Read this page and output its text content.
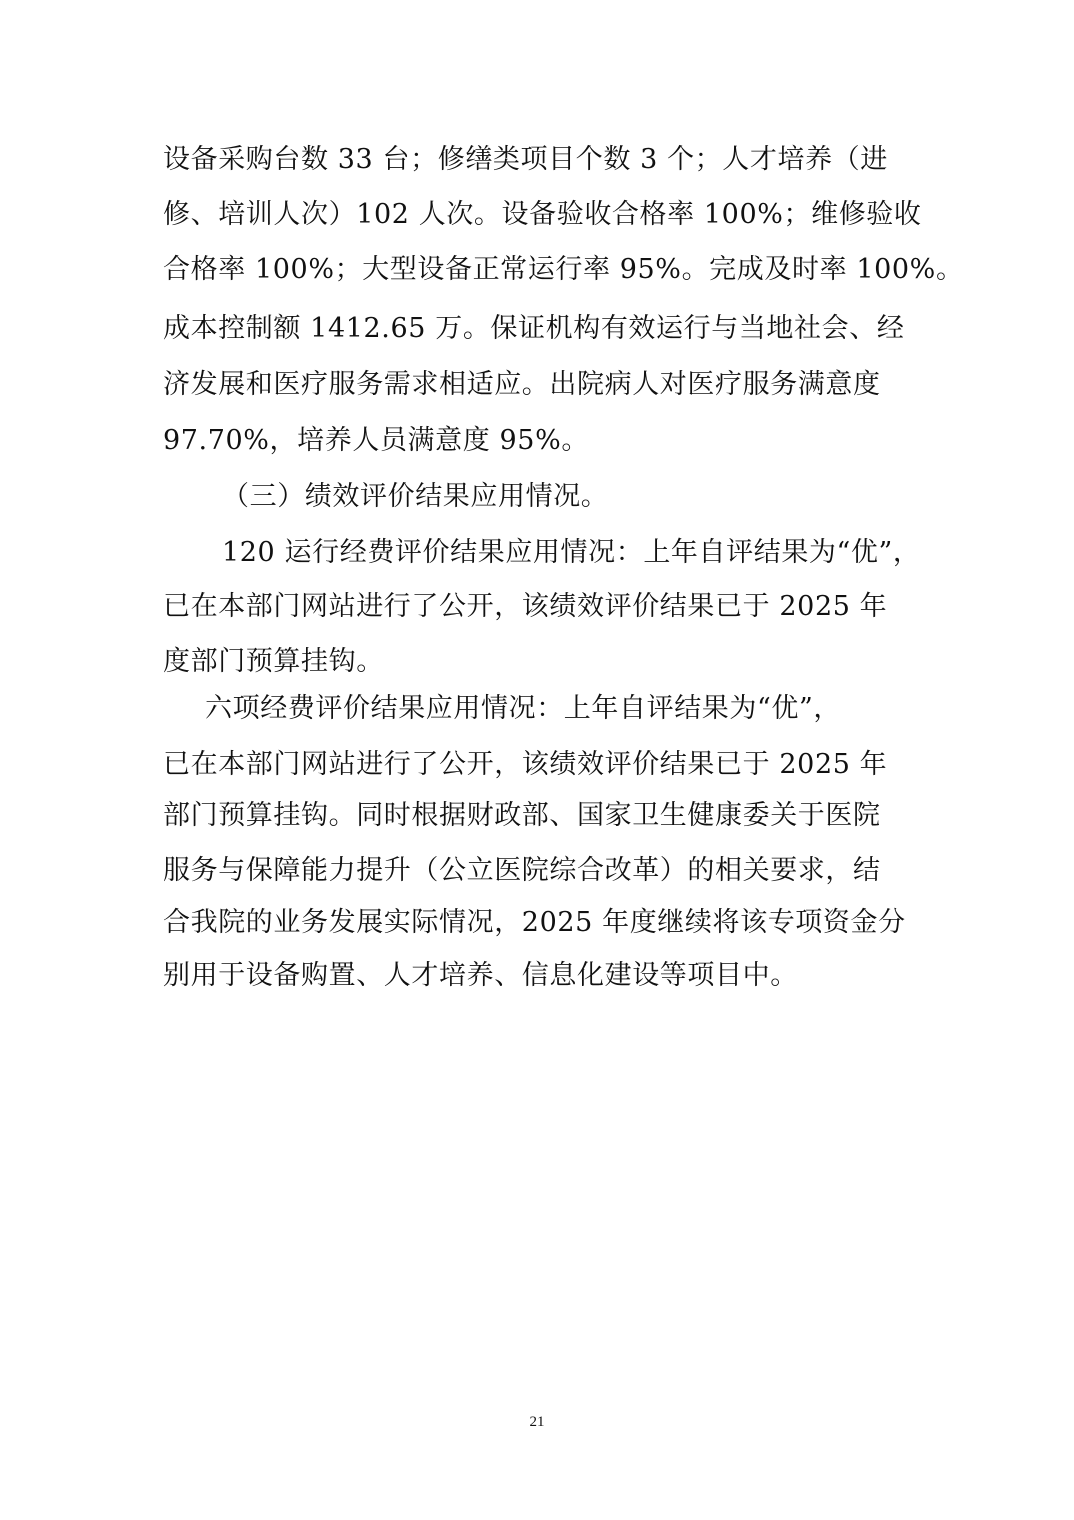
设备采购台数 33 台；修缮类项目个数 3 个；人才培养（进
修、培训人次）102 人次。设备验收合格率 100%；维修验收
合格率 100%；大型设备正常运行率 95%。完成及时率 100%。
成本控制额 1412.65 万。保证机构有效运行与当地社会、经
济发展和医疗服务需求相适应。出院病人对医疗服务满意度
97.70%，培养人员满意度 95%。
（三）绩效评价结果应用情况。
120 运行经费评价结果应用情况：上年自评结果为“优”，
已在本部门网站进行了公开，该绩效评价结果已于 2025 年
度部门预算挂钩。
六项经费评价结果应用情况：上年自评结果为“优”，
已在本部门网站进行了公开，该绩效评价结果已于 2025 年
部门预算挂钩。同时根据财政部、国家卫生健康委关于医院
服务与保障能力提升（公立医院综合改革）的相关要求，结
合我院的业务发展实际情况，2025 年度继续将该专项资金分
别用于设备购置、人才培养、信息化建设等项目中。
21
